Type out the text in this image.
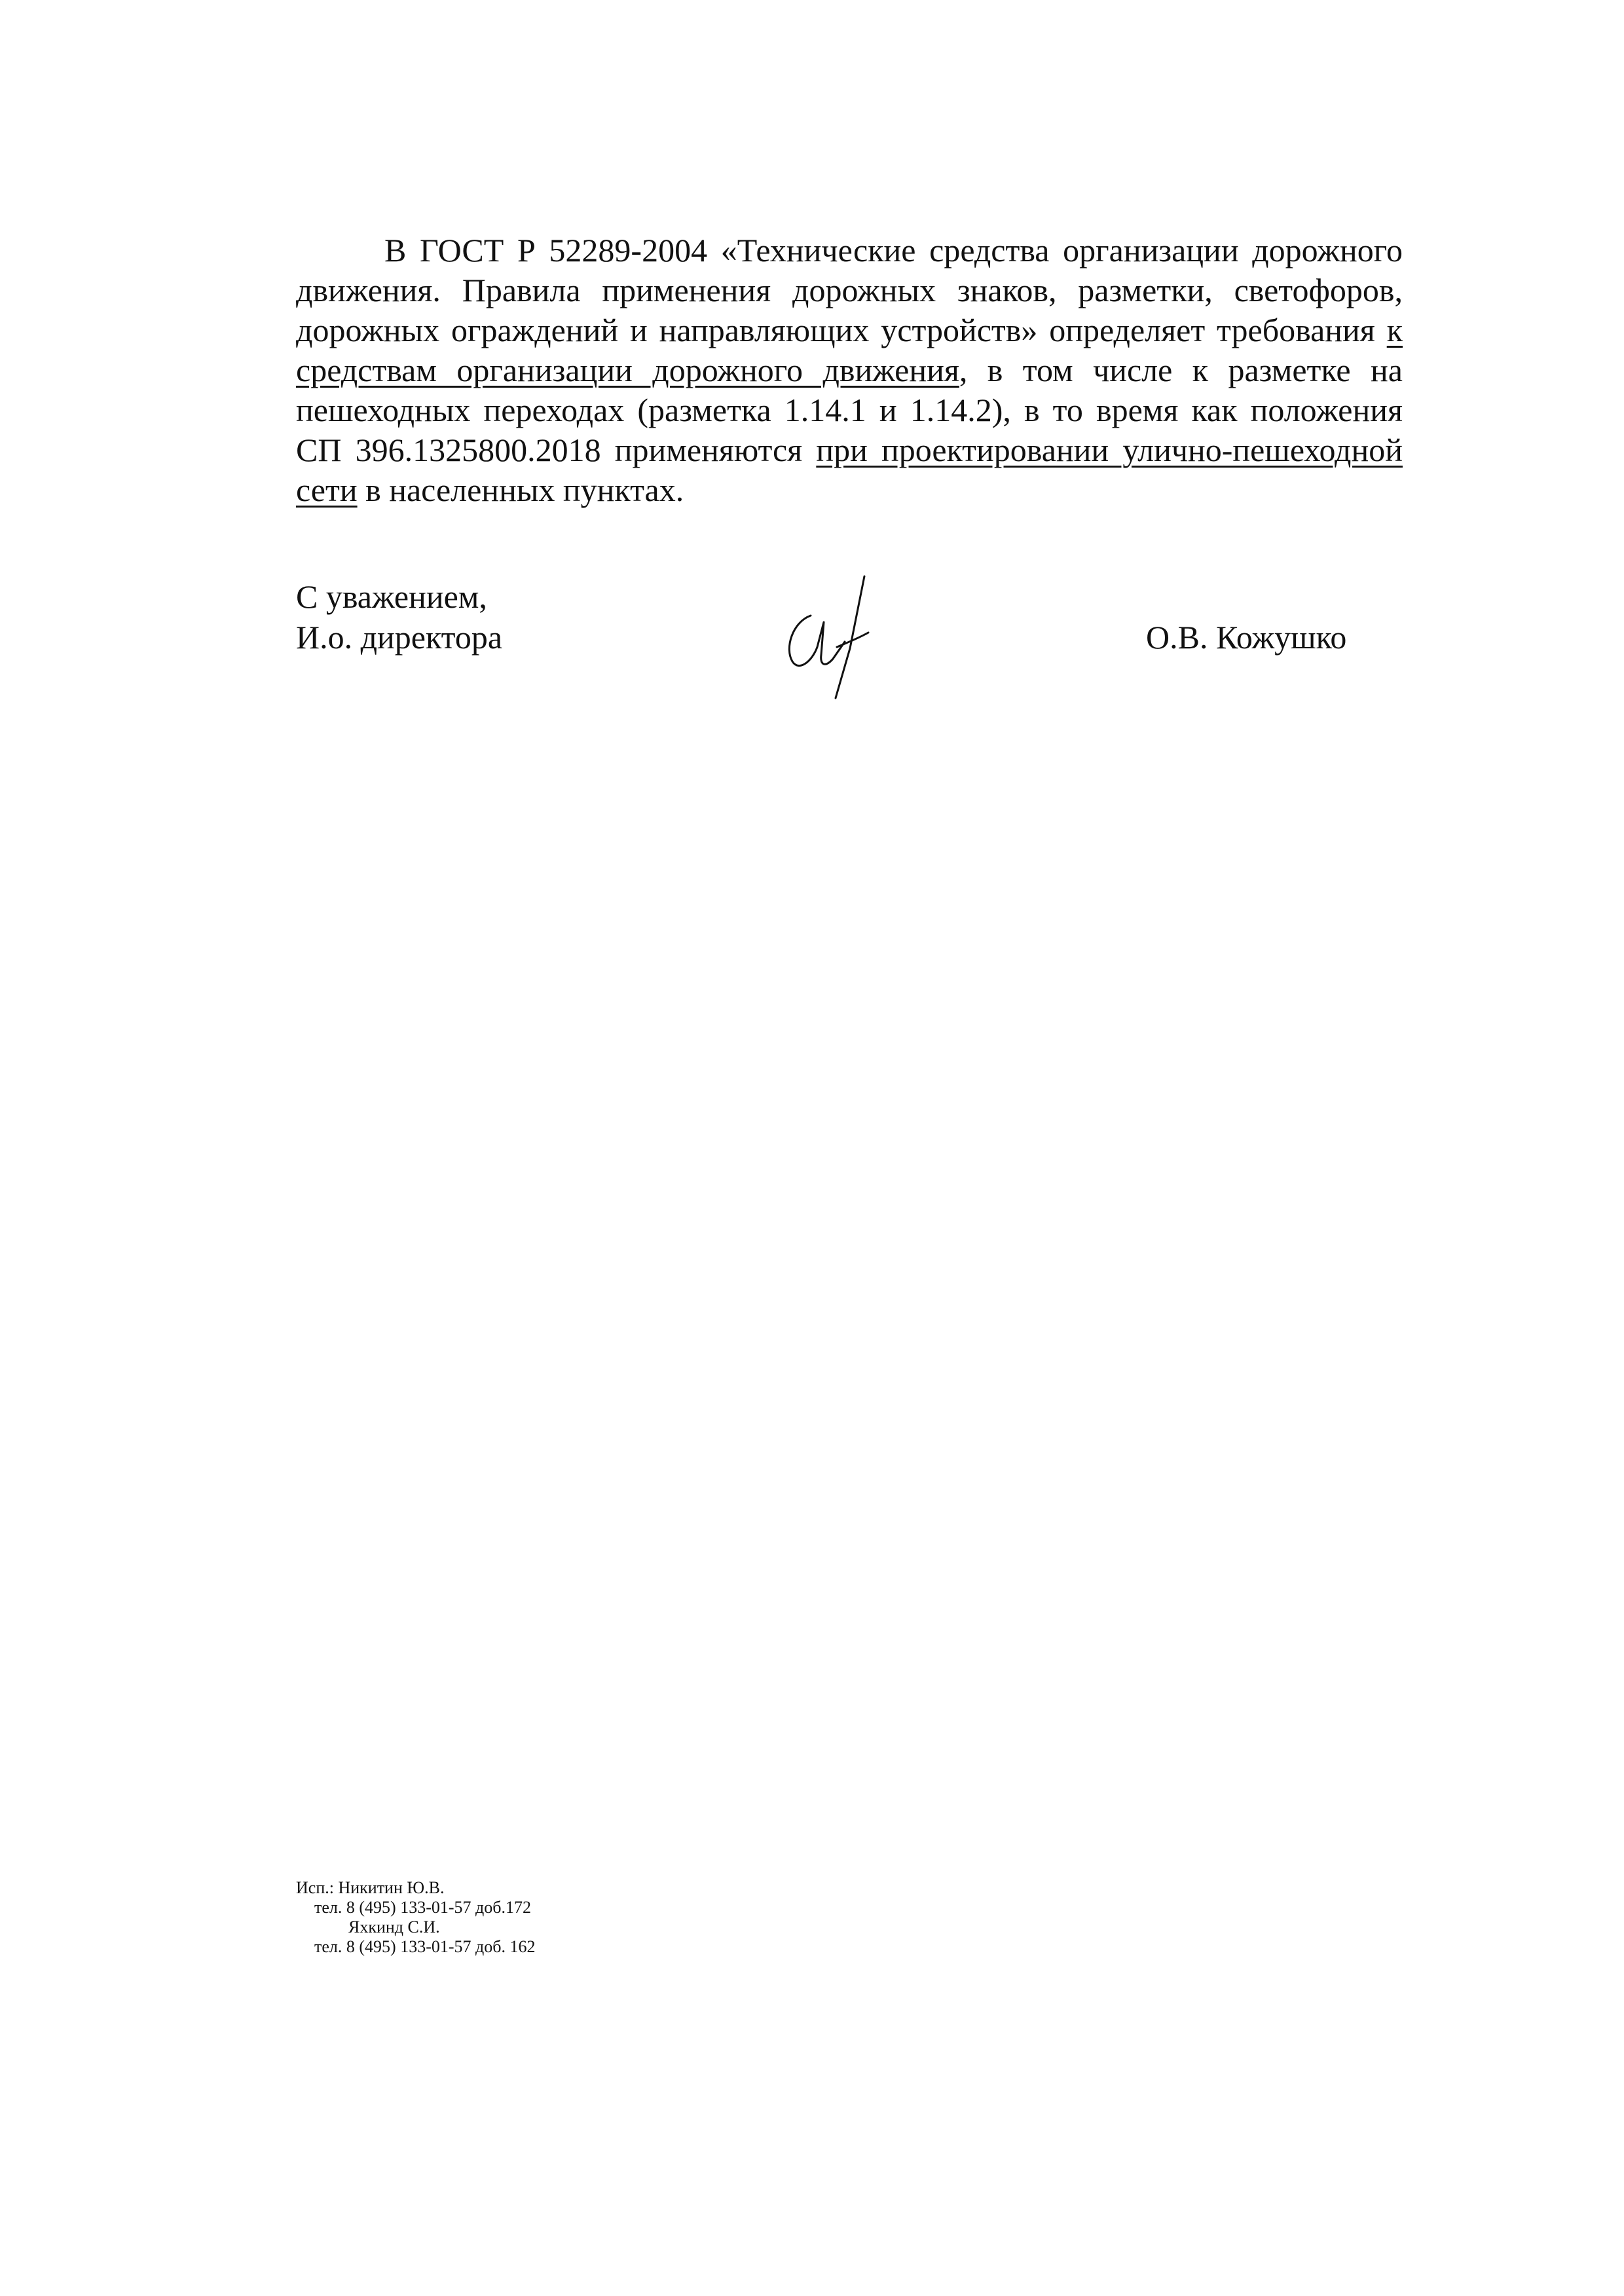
В ГОСТ Р 52289-2004 «Технические средства организации дорожного движения. Правила применения дорожных знаков, разметки, светофоров, дорожных ограждений и направляющих устройств» определяет требования к средствам организации дорожного движения, в том числе к разметке на пешеходных переходах (разметка 1.14.1 и 1.14.2), в то время как положения СП 396.1325800.2018 применяются при проектировании улично-пешеходной сети в населенных пунктах.

С уважением,
И.о. директора	О.В. Кожушко
Исп.: Никитин Ю.В.
тел. 8 (495) 133-01-57 доб.172
Яхкинд С.И.
тел. 8 (495) 133-01-57 доб. 162
